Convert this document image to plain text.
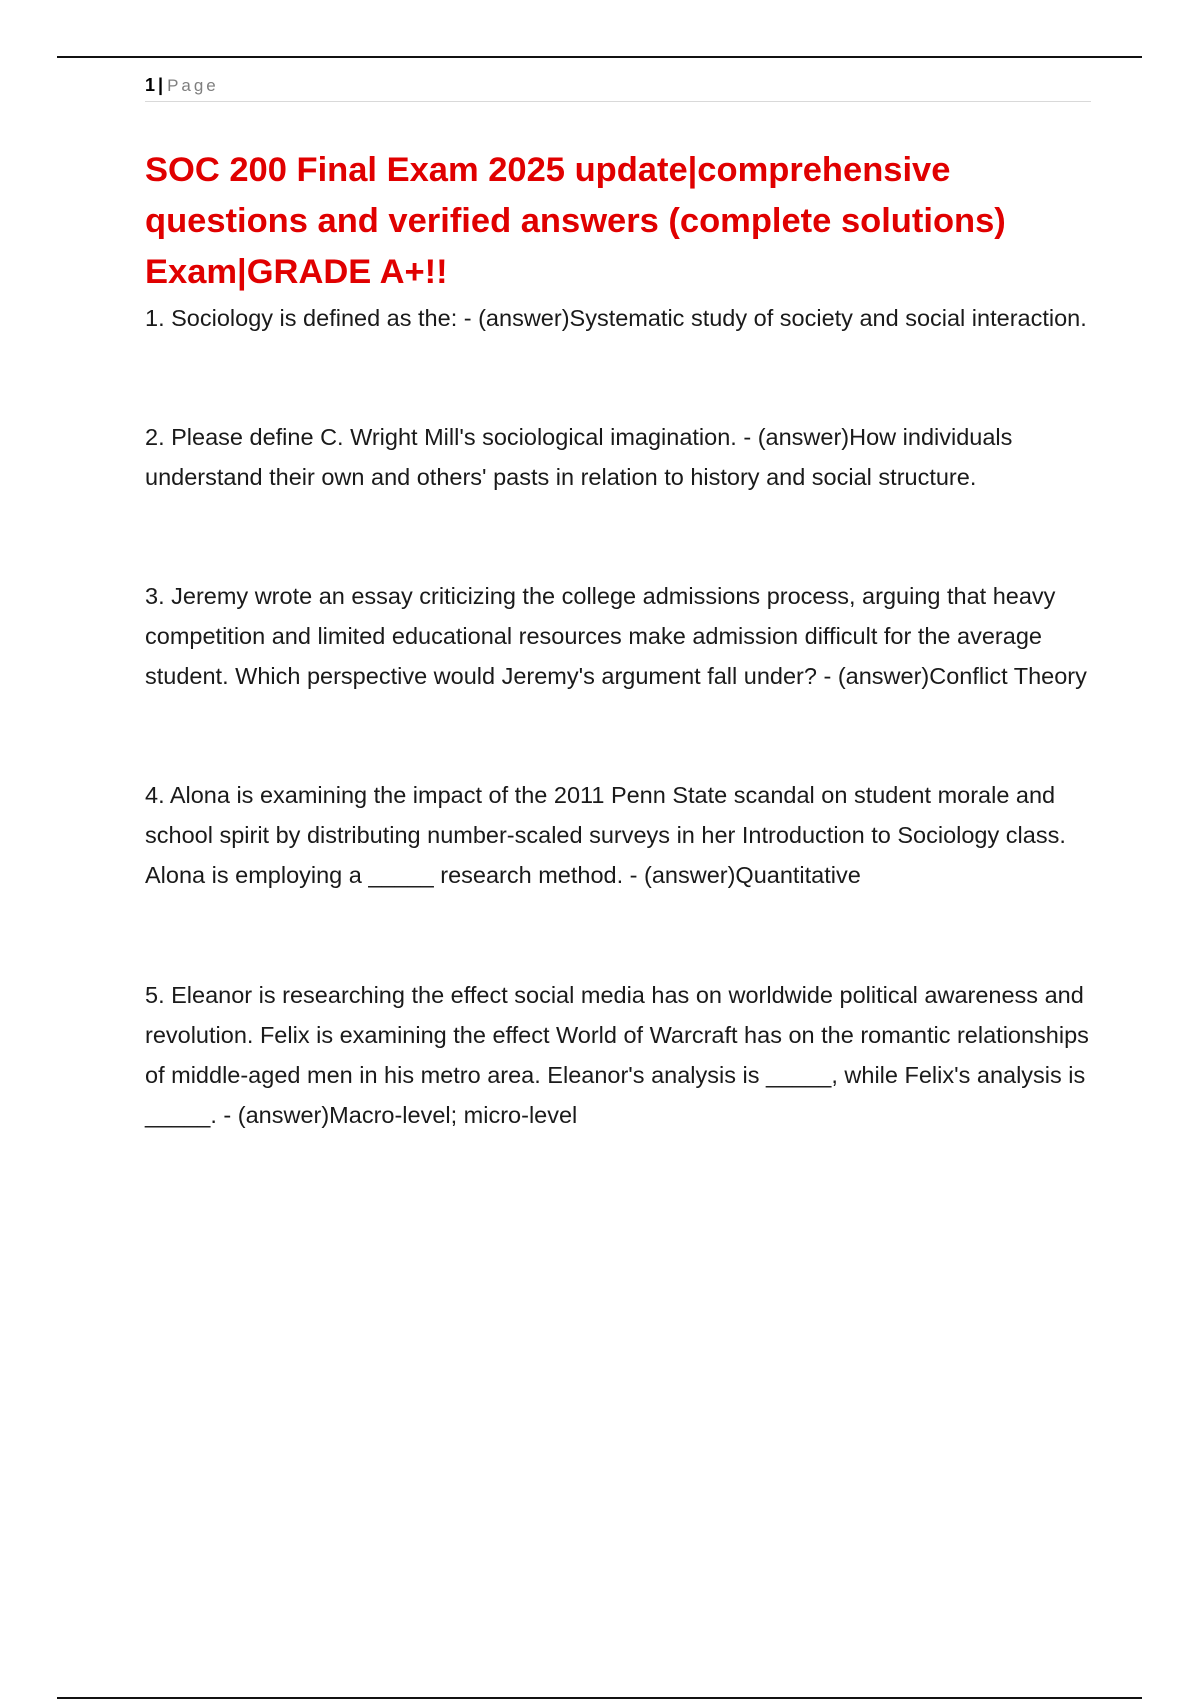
1 | Page
SOC 200 Final Exam 2025 update|comprehensive questions and verified answers (complete solutions) Exam|GRADE A+!!

1. Sociology is defined as the: - (answer)Systematic study of society and social interaction.

2. Please define C. Wright Mill's sociological imagination. - (answer)How individuals understand their own and others' pasts in relation to history and social structure.

3. Jeremy wrote an essay criticizing the college admissions process, arguing that heavy competition and limited educational resources make admission difficult for the average student. Which perspective would Jeremy's argument fall under? - (answer)Conflict Theory

4. Alona is examining the impact of the 2011 Penn State scandal on student morale and school spirit by distributing number-scaled surveys in her Introduction to Sociology class. Alona is employing a _____ research method. - (answer)Quantitative

5. Eleanor is researching the effect social media has on worldwide political awareness and revolution. Felix is examining the effect World of Warcraft has on the romantic relationships of middle-aged men in his metro area. Eleanor's analysis is _____, while Felix's analysis is _____. - (answer)Macro-level; micro-level
